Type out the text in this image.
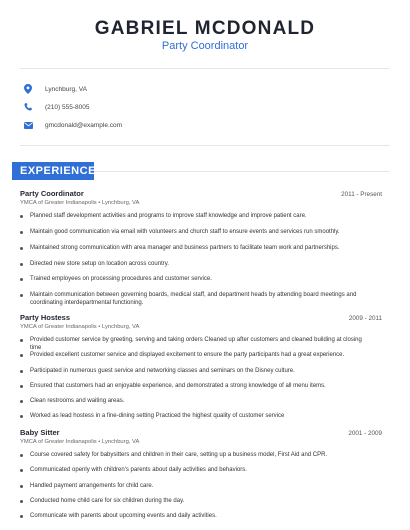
GABRIEL MCDONALD
Party Coordinator
Lynchburg, VA
(210) 555-8005
gmcdonald@example.com
EXPERIENCE
Party Coordinator	2011 - Present
YMCA of Greater Indianapolis • Lynchburg, VA
Planned staff development activities and programs to improve staff knowledge and improve patient care.
Maintain good communication via email with volunteers and church staff to ensure events and services run smoothly.
Maintained strong communication with area manager and business partners to facilitate team work and partnerships.
Directed new store setup on location across country.
Trained employees on processing procedures and customer service.
Maintain communication between governing boards, medical staff, and department heads by attending board meetings and coordinating interdepartmental functioning.
Party Hostess	2009 - 2011
YMCA of Greater Indianapolis • Lynchburg, VA
Provided customer service by greeting, serving and taking orders Cleaned up after customers and cleaned building at closing time
Provided excellent customer service and displayed excitement to ensure the party participants had a great experience.
Participated in numerous guest service and networking classes and seminars on the Disney culture.
Ensured that customers had an enjoyable experience, and demonstrated a strong knowledge of all menu items.
Clean restrooms and waiting areas.
Worked as lead hostess in a fine-dining setting Practiced the highest quality of customer service
Baby Sitter	2001 - 2009
YMCA of Greater Indianapolis • Lynchburg, VA
Course covered safety for babysitters and children in their care, setting up a business model, First Aid and CPR.
Communicated openly with children's parents about daily activities and behaviors.
Handled payment arrangements for child care.
Conducted home child care for six children during the day.
Communicate with parents about upcoming events and daily activities.
